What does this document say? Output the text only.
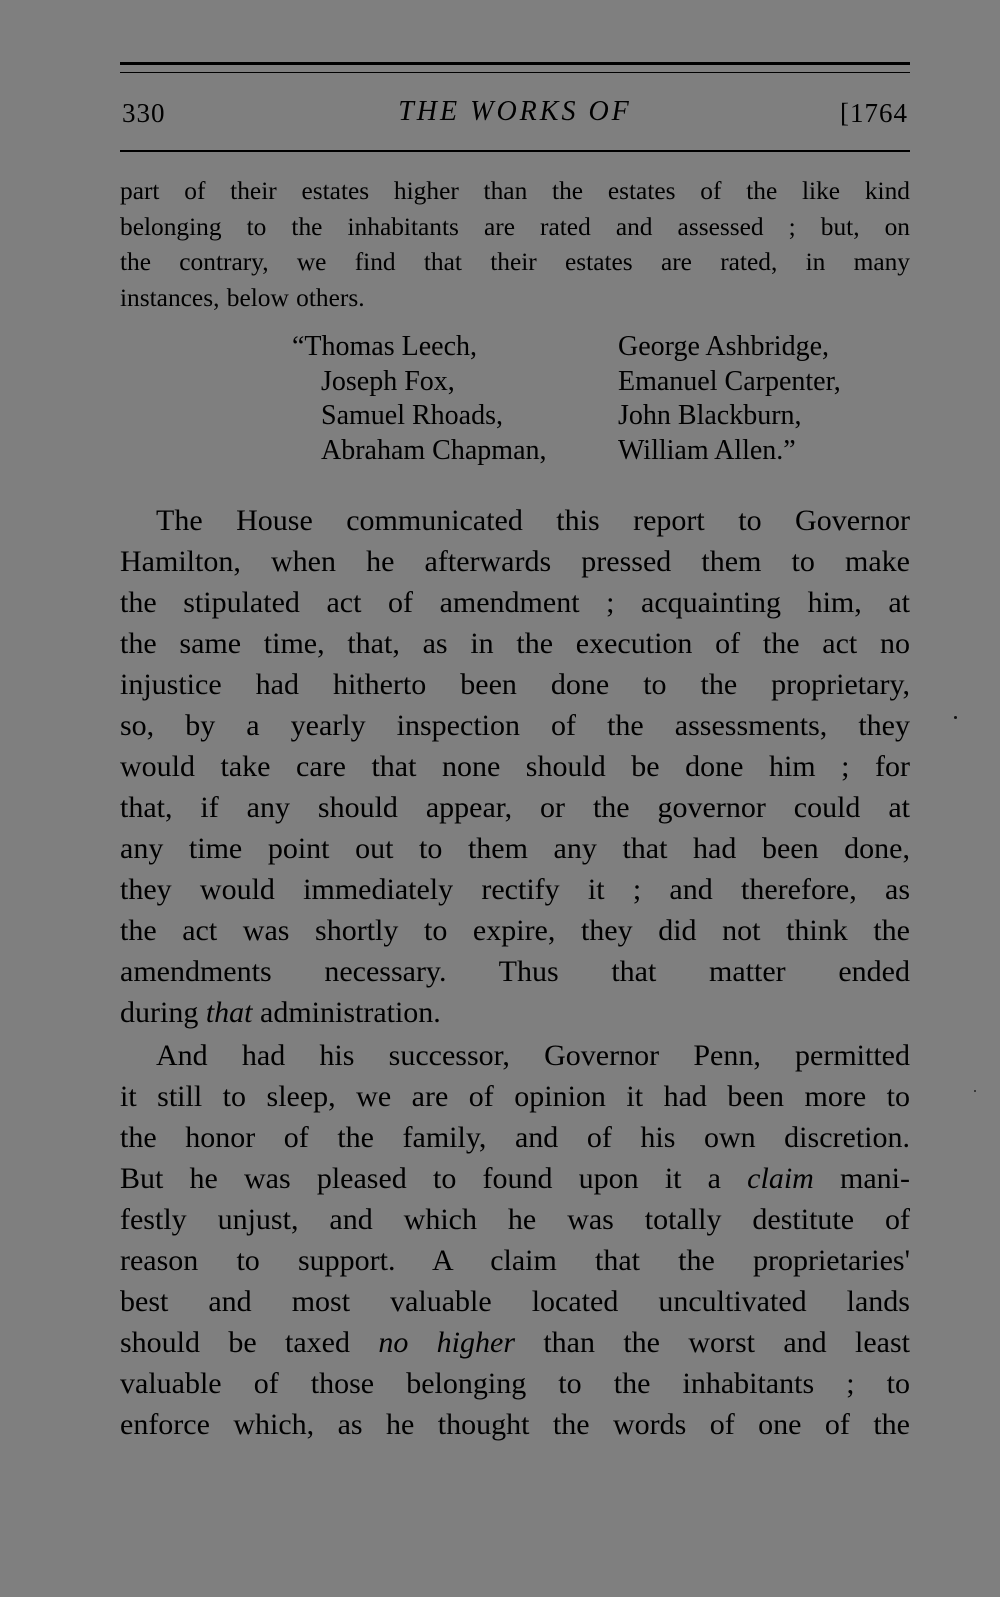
330	THE WORKS OF	[1764
part of their estates higher than the estates of the like kind
belonging to the inhabitants are rated and assessed ; but, on
the contrary, we find that their estates are rated, in many
instances, below others.
“Thomas Leech,
Joseph Fox,
Samuel Rhoads,
Abraham Chapman,
George Ashbridge,
Emanuel Carpenter,
John Blackburn,
William Allen.”
The House communicated this report to Governor
Hamilton, when he afterwards pressed them to make
the stipulated act of amendment ; acquainting him, at
the same time, that, as in the execution of the act no
injustice had hitherto been done to the proprietary,
so, by a yearly inspection of the assessments, they
would take care that none should be done him ; for
that, if any should appear, or the governor could at
any time point out to them any that had been done,
they would immediately rectify it ; and therefore, as
the act was shortly to expire, they did not think the
amendments necessary. Thus that matter ended
during that administration.
And had his successor, Governor Penn, permitted
it still to sleep, we are of opinion it had been more to
the honor of the family, and of his own discretion.
But he was pleased to found upon it a claim mani-
festly unjust, and which he was totally destitute of
reason to support. A claim that the proprietaries'
best and most valuable located uncultivated lands
should be taxed no higher than the worst and least
valuable of those belonging to the inhabitants ; to
enforce which, as he thought the words of one of the
